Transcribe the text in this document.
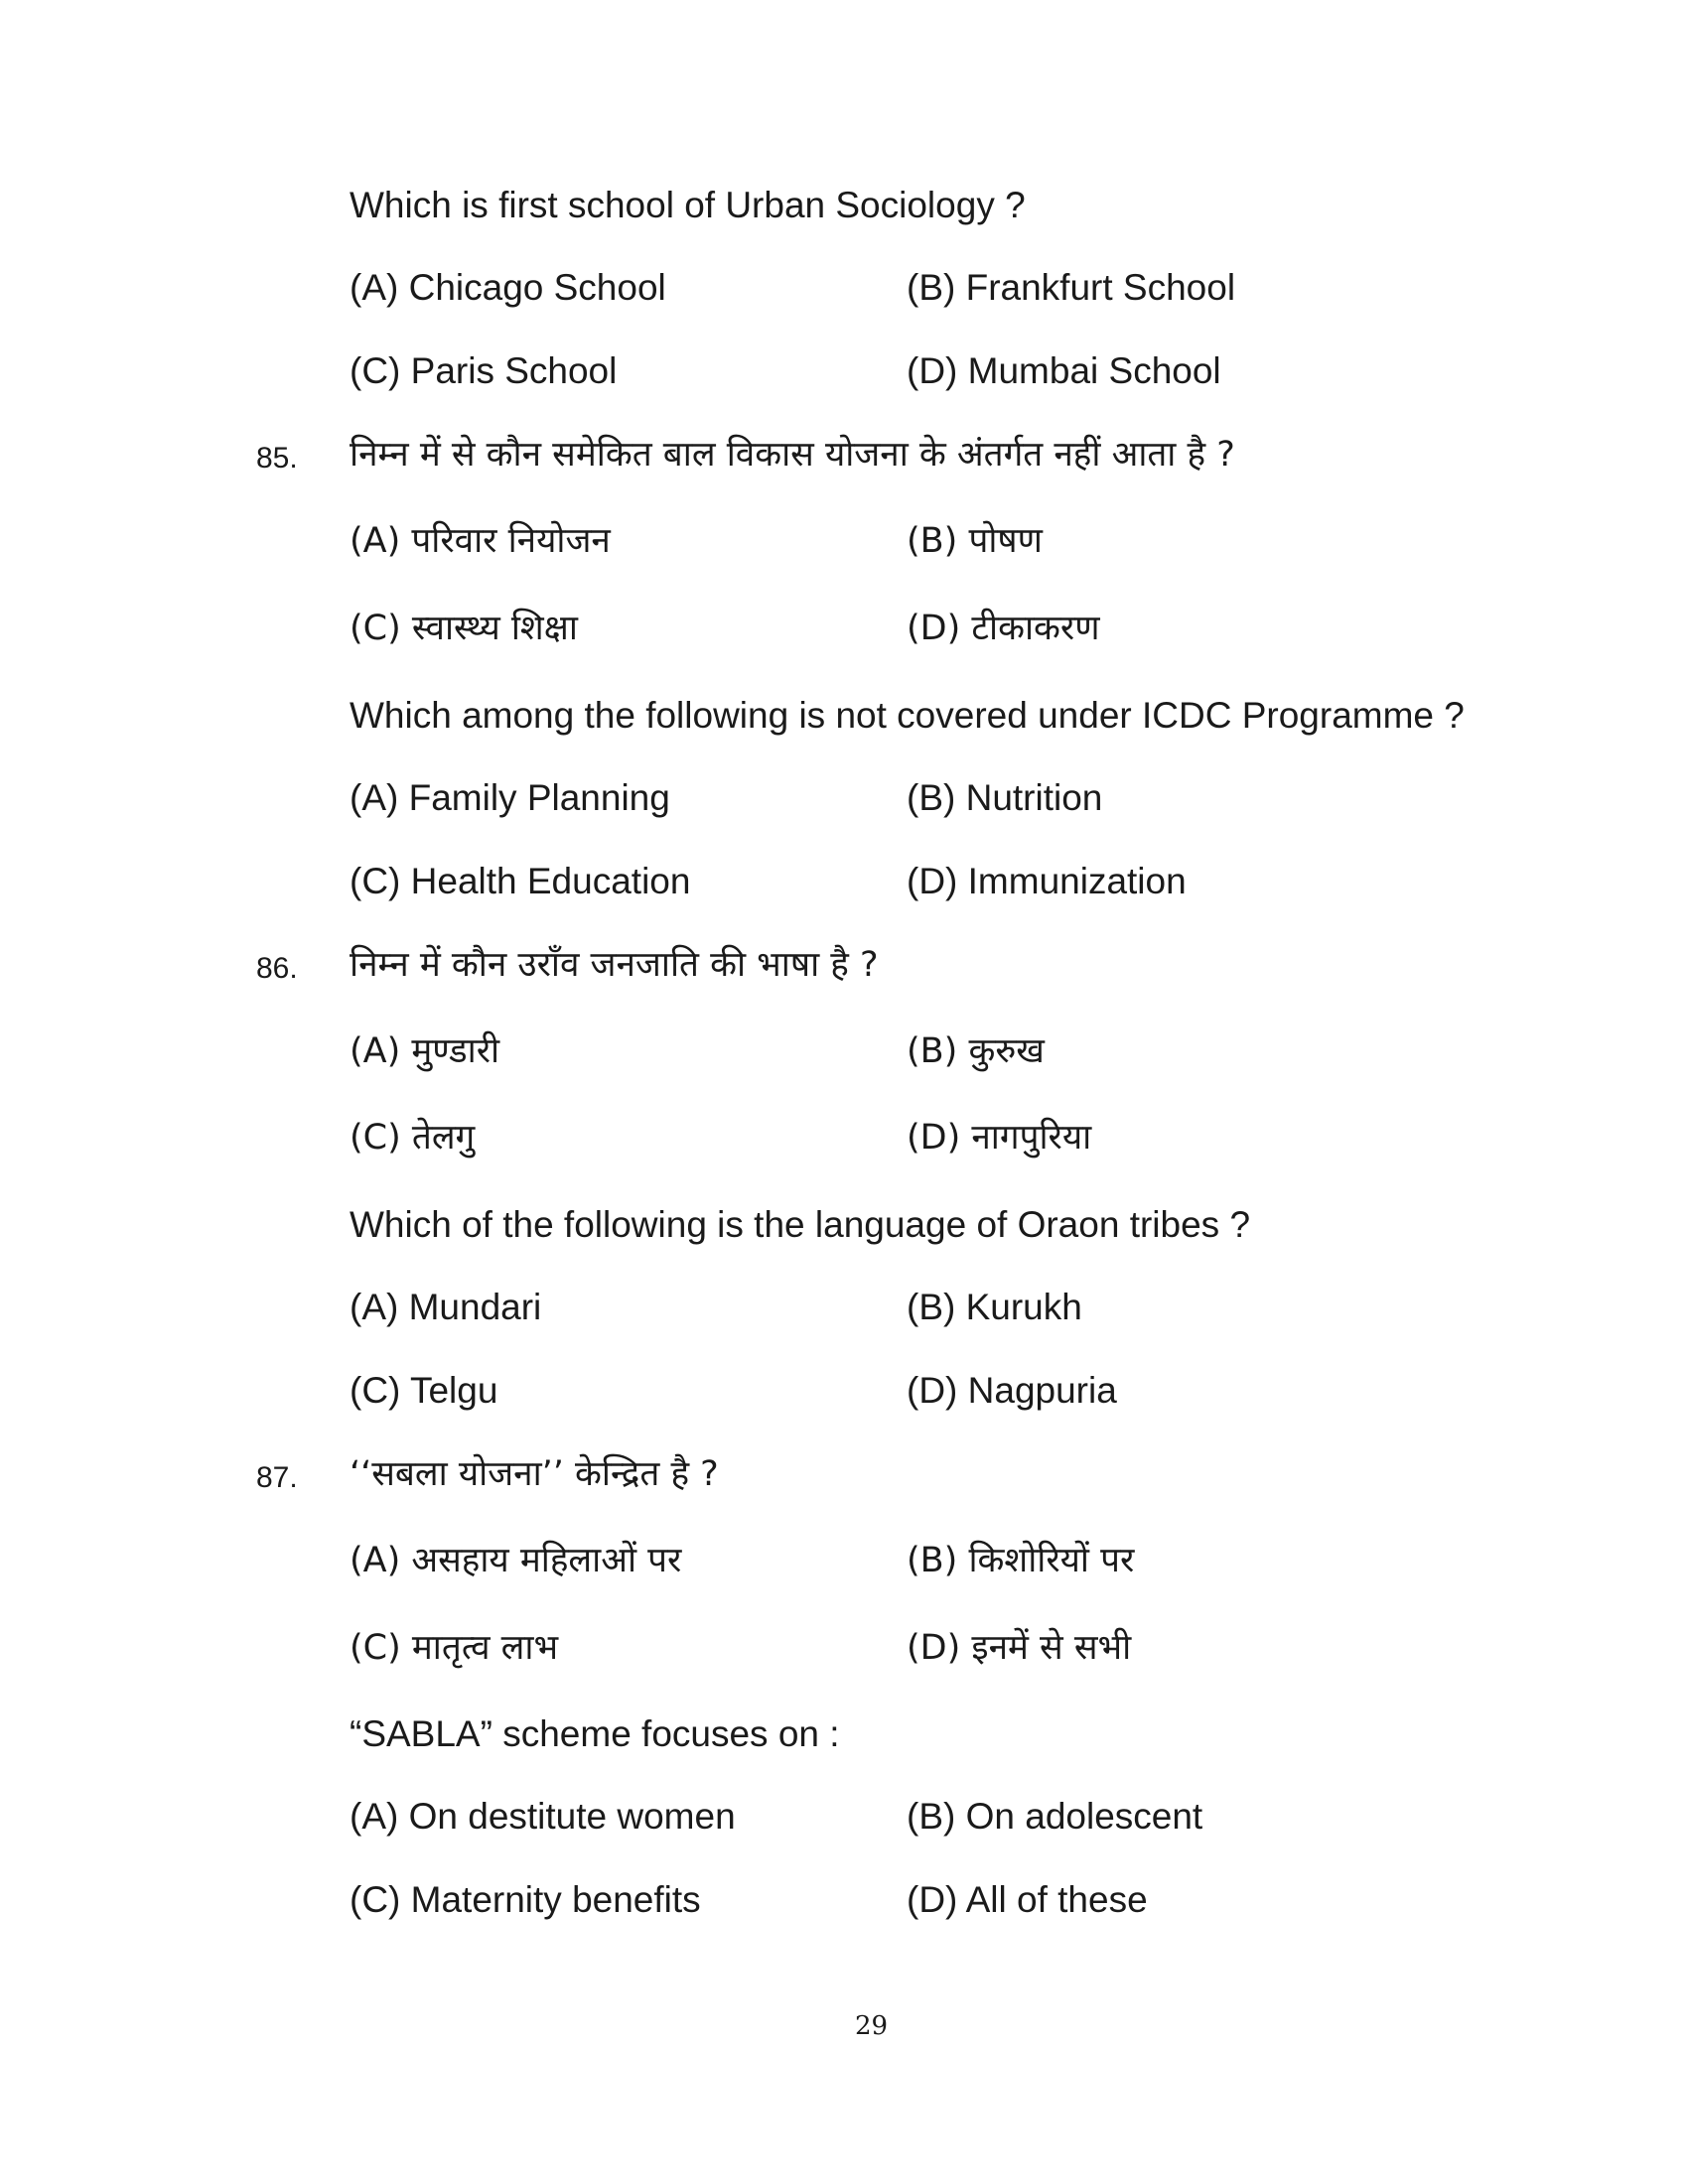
Which is first school of Urban Sociology ?
(A) Chicago School	(B) Frankfurt School
(C) Paris School	(D) Mumbai School
85. निम्न में से कौन समेकित बाल विकास योजना के अंतर्गत नहीं आता है ?
(A) परिवार नियोजन	(B) पोषण
(C) स्वास्थ्य शिक्षा	(D) टीकाकरण
Which among the following is not covered under ICDC Programme ?
(A) Family Planning	(B) Nutrition
(C) Health Education	(D) Immunization
86. निम्न में कौन उराँव जनजाति की भाषा है ?
(A) मुण्डारी	(B) कुरुख
(C) तेलगु	(D) नागपुरिया
Which of the following is the language of Oraon tribes ?
(A) Mundari	(B) Kurukh
(C) Telgu	(D) Nagpuria
87. ‘‘सबला योजना’’ केन्द्रित है ?
(A) असहाय महिलाओं पर	(B) किशोरियों पर
(C) मातृत्व लाभ	(D) इनमें से सभी
“SABLA” scheme focuses on :
(A) On destitute women	(B) On adolescent
(C) Maternity benefits	(D) All of these
29
